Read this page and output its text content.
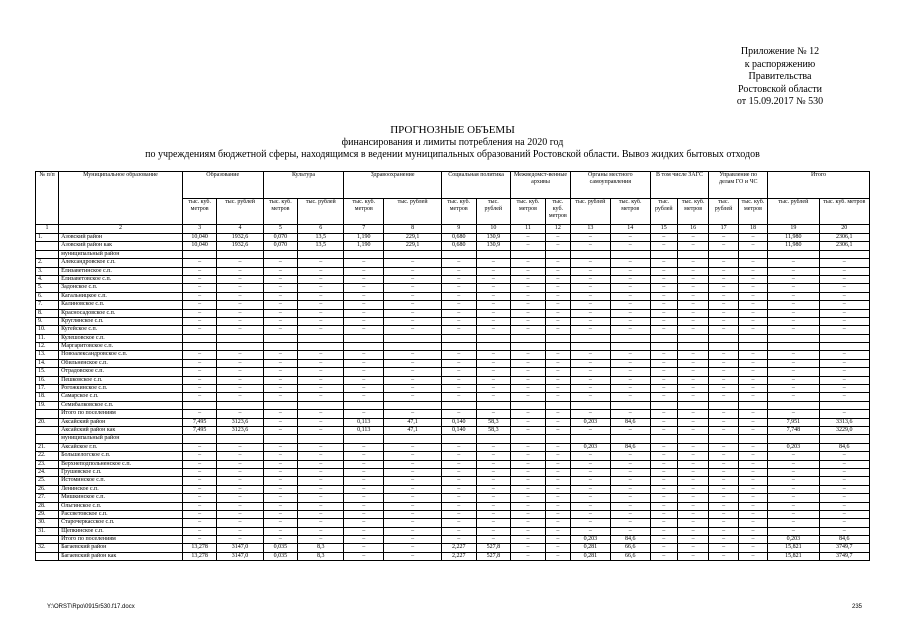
Приложение № 12
к распоряжению
Правительства
Ростовской области
от 15.09.2017 № 530
ПРОГНОЗНЫЕ ОБЪЕМЫ
финансирования и лимиты потребления на 2020 год
по учреждениям бюджетной сферы, находящимся в ведении муниципальных образований Ростовской области. Вывоз жидких бытовых отходов
№ п/п	Муниципальное образование	Образование		Культура		Здравоохранение		Социальная политика		Межведомст-венные архивы		Органы местного самоуправления		В том числе ЗАГС		Управление по делам ГО и ЧС		Итого	
		тыс. куб. метров	тыс. рублей	тыс. куб. метров	тыс. рублей	тыс. куб. метров	тыс. рублей	тыс. куб. метров	тыс. рублей	тыс. куб. метров	тыс. куб. метров	тыс. рублей	тыс. куб. метров	тыс. рублей	тыс. куб. метров	тыс. рублей	тыс. куб. метров	тыс. рублей	тыс. куб. метров
1	2	3	4	5	6	7	8	9	10	11	12	13	14	15	16	17	18	19	20
1.	Азовский район	10,040	1932,6	0,070	13,5	1,190	229,1	0,680	130,9	–	–	–	–	–	–	–	–	11,980	2306,1
	Азовский район как	10,040	1932,6	0,070	13,5	1,190	229,1	0,680	130,9	–	–	–	–	–	–	–	–	11,980	2306,1
	муниципальный район																		
2.	Александровское с.п.	–	–	–	–	–	–	–	–	–	–	–	–	–	–	–	–	–	–
3.	Елизаветинское с.п.	–	–	–	–	–	–	–	–	–	–	–	–	–	–	–	–	–	–
4.	Елизаветовское с.п.	–	–	–	–	–	–	–	–	–	–	–	–	–	–	–	–	–	–
5.	Задонское с.п.	–	–	–	–	–	–	–	–	–	–	–	–	–	–	–	–	–	–
6.	Кагальницкое с.п.	–	–	–	–	–	–	–	–	–	–	–	–	–	–	–	–	–	–
7.	Калиновское с.п.	–	–	–	–	–	–	–	–	–	–	–	–	–	–	–	–	–	–
8.	Красносадовское с.п.	–	–	–	–	–	–	–	–	–	–	–	–	–	–	–	–	–	–
9.	Круглянское с.п.	–	–	–	–	–	–	–	–	–	–	–	–	–	–	–	–	–	–
10.	Кугейское с.п.	–	–	–	–	–	–	–	–	–	–	–	–	–	–	–	–	–	–
11.	Кулешовское с.п.																		
12.	Маргаритовское с.п.																		
13.	Новоалександровское с.п.	–	–	–	–	–	–	–	–	–	–	–	–	–	–	–	–	–	–
14.	Обильненское с.п.	–	–	–	–	–	–	–	–	–	–	–	–	–	–	–	–	–	–
15.	Отрадовское с.п.	–	–	–	–	–	–	–	–	–	–	–	–	–	–	–	–	–	–
16.	Пешковское с.п.	–	–	–	–	–	–	–	–	–	–	–	–	–	–	–	–	–	–
17.	Рогожкинское с.п.	–	–	–	–	–	–	–	–	–	–	–	–	–	–	–	–	–	–
18.	Самарское с.п.	–	–	–	–	–	–	–	–	–	–	–	–	–	–	–	–	–	–
19.	Семибалковское с.п.																		
	Итого по поселениям	–	–	–	–	–	–	–	–	–	–	–	–	–	–	–	–	–	–
20.	Аксайский район	7,495	3123,6	–	–	0,113	47,1	0,140	58,3	–	–	0,203	84,6	–	–	–	–	7,951	3313,6
	Аксайский район как	7,495	3123,6	–	–	0,113	47,1	0,140	58,3	–	–	–	–	–	–	–	–	7,748	3229,0
	муниципальный район																		
21.	Аксайское г.п.	–	–	–	–	–	–	–	–	–	–	0,203	84,6	–	–	–	–	0,203	84,6
22.	Большелогское с.п.	–	–	–	–	–	–	–	–	–	–	–	–	–	–	–	–	–	–
23.	Верхнеподпольненское с.п.	–	–	–	–	–	–	–	–	–	–	–	–	–	–	–	–	–	–
24.	Грушевское с.п.	–	–	–	–	–	–	–	–	–	–	–	–	–	–	–	–	–	–
25.	Истоминское с.п.	–	–	–	–	–	–	–	–	–	–	–	–	–	–	–	–	–	–
26.	Ленинское с.п.	–	–	–	–	–	–	–	–	–	–	–	–	–	–	–	–	–	–
27.	Мишкинское с.п.	–	–	–	–	–	–	–	–	–	–	–	–	–	–	–	–	–	–
28.	Ольгинское с.п.	–	–	–	–	–	–	–	–	–	–	–	–	–	–	–	–	–	–
29.	Рассветовское с.п.	–	–	–	–	–	–	–	–	–	–	–	–	–	–	–	–	–	–
30.	Старочеркасское с.п.	–	–	–	–	–	–	–	–	–	–	–	–	–	–	–	–	–	–
31.	Щепкинское с.п.	–	–	–	–	–	–	–	–	–	–	–	–	–	–	–	–	–	–
	Итого по поселениям	–	–	–	–	–	–	–	–	–	–	0,203	84,6	–	–	–	–	0,203	84,6
32.	Багаевский район	13,278	3147,0	0,035	8,3	–	–	2,227	527,8	–	–	0,281	66,6	–	–	–	–	15,821	3749,7
	Багаевский район как	13,278	3147,0	0,035	8,3	–	–	2,227	527,8	–	–	0,281	66,6	–	–	–	–	15,821	3749,7
Y:\ORST\Rpo\0915r530.f17.docx	235
